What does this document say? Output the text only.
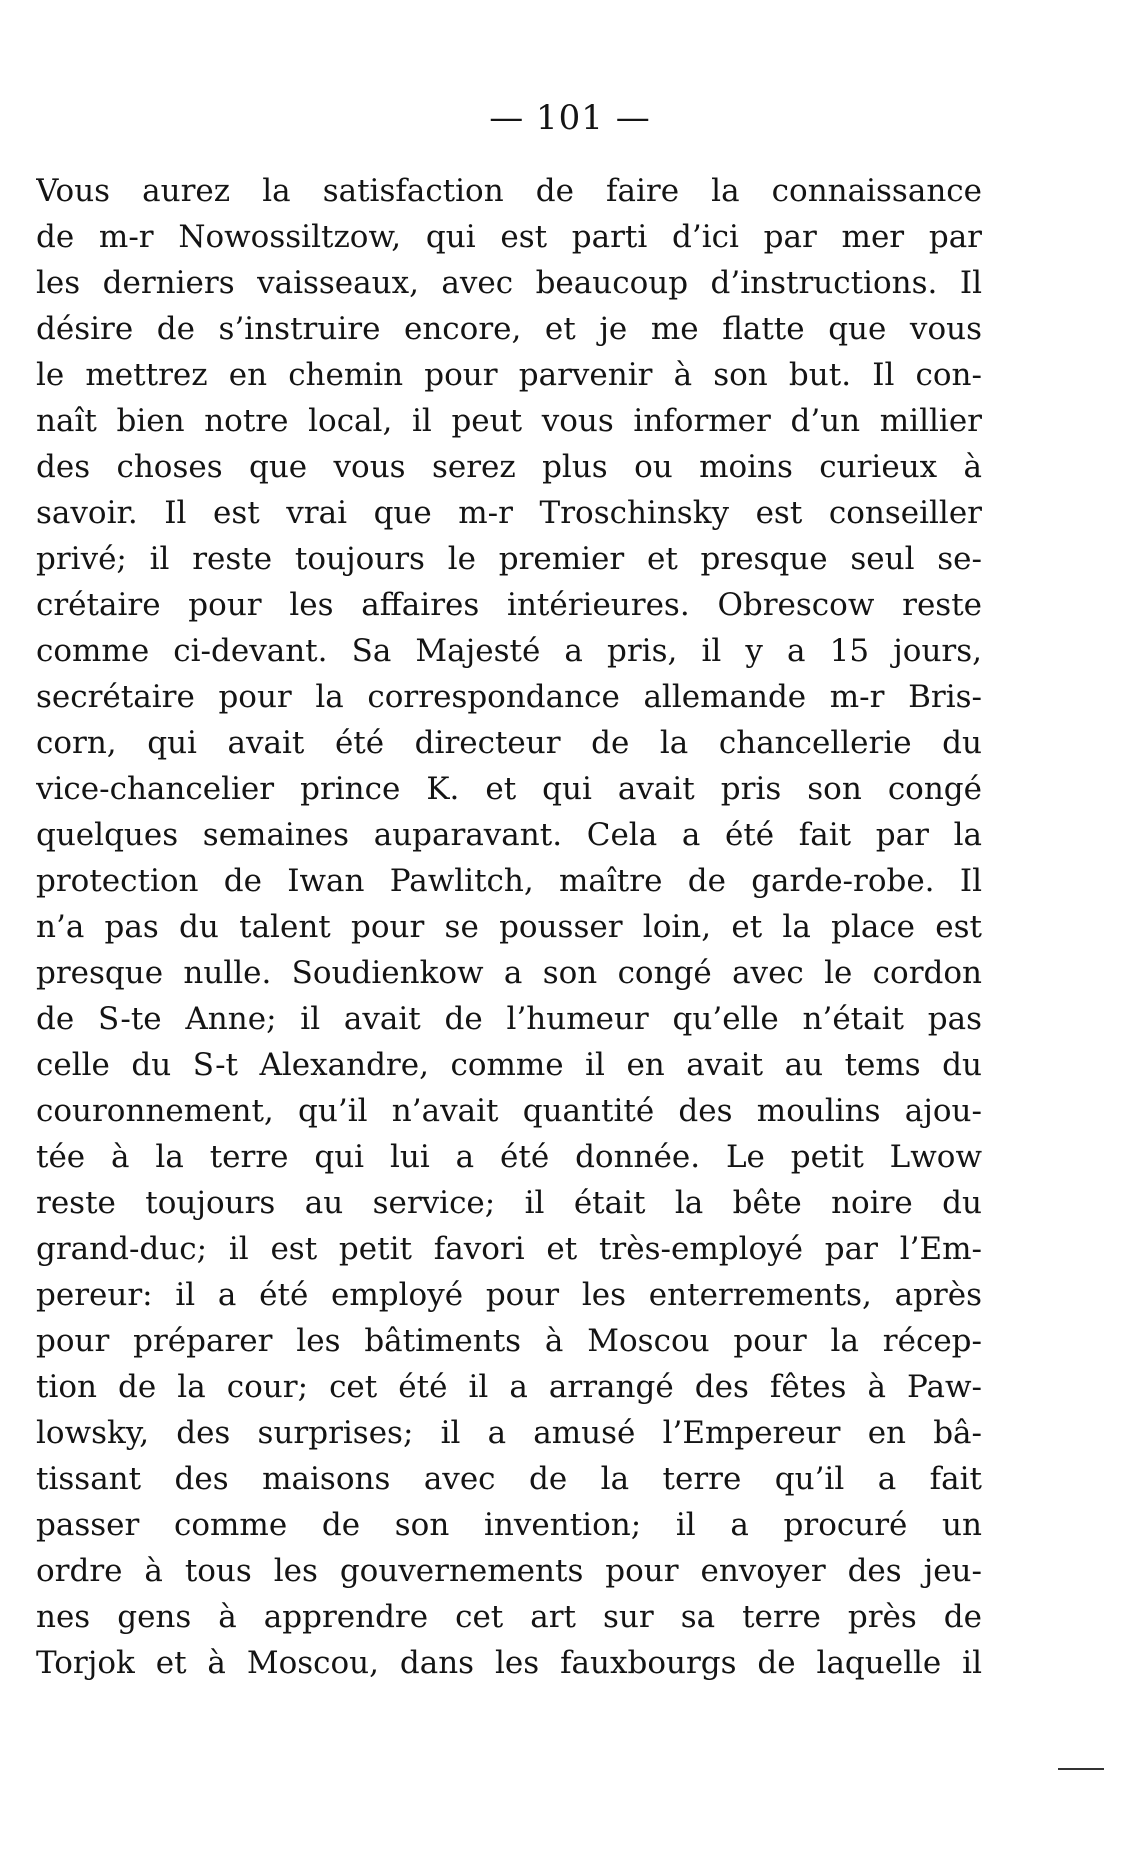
— 101 —
Vous aurez la satisfaction de faire la connaissance
de m-r Nowossiltzow, qui est parti d’ici par mer par
les derniers vaisseaux, avec beaucoup d’instructions. Il
désire de s’instruire encore, et je me flatte que vous
le mettrez en chemin pour parvenir à son but. Il con-
naît bien notre local, il peut vous informer d’un millier
des choses que vous serez plus ou moins curieux à
savoir. Il est vrai que m-r Troschinsky est conseiller
privé; il reste toujours le premier et presque seul se-
crétaire pour les affaires intérieures. Obrescow reste
comme ci-devant. Sa Majesté a pris, il y a 15 jours,
secrétaire pour la correspondance allemande m-r Bris-
corn, qui avait été directeur de la chancellerie du
vice-chancelier prince K. et qui avait pris son congé
quelques semaines auparavant. Cela a été fait par la
protection de Iwan Pawlitch, maître de garde-robe. Il
n’a pas du talent pour se pousser loin, et la place est
presque nulle. Soudienkow a son congé avec le cordon
de S-te Anne; il avait de l’humeur qu’elle n’était pas
celle du S-t Alexandre, comme il en avait au tems du
couronnement, qu’il n’avait quantité des moulins ajou-
tée à la terre qui lui a été donnée. Le petit Lwow
reste toujours au service; il était la bête noire du
grand-duc; il est petit favori et très-employé par l’Em-
pereur: il a été employé pour les enterrements, après
pour préparer les bâtiments à Moscou pour la récep-
tion de la cour; cet été il a arrangé des fêtes à Paw-
lowsky, des surprises; il a amusé l’Empereur en bâ-
tissant des maisons avec de la terre qu’il a fait
passer comme de son invention; il a procuré un
ordre à tous les gouvernements pour envoyer des jeu-
nes gens à apprendre cet art sur sa terre près de
Torjok et à Moscou, dans les fauxbourgs de laquelle il
